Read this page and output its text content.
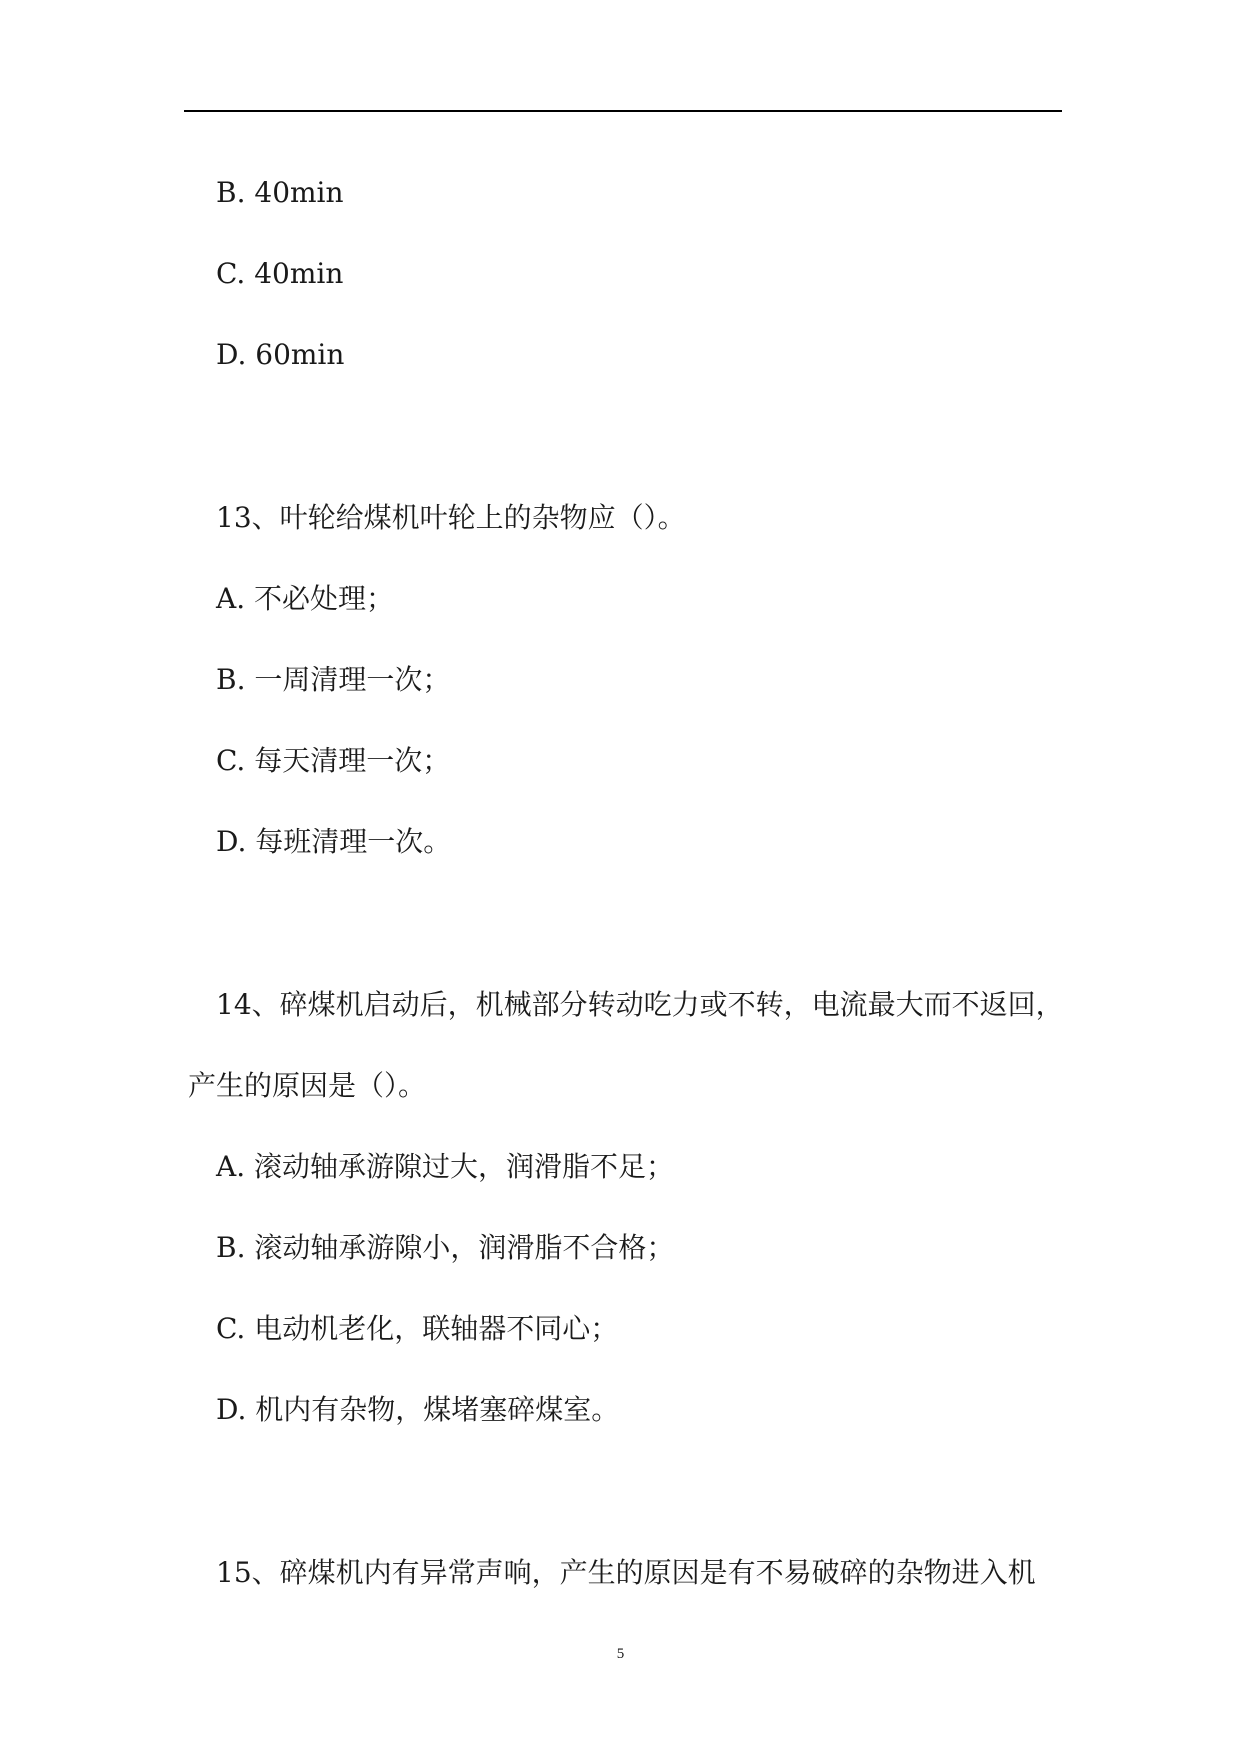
B. 40min
C. 40min
D. 60min
13、叶轮给煤机叶轮上的杂物应（）。
A. 不必处理；
B. 一周清理一次；
C. 每天清理一次；
D. 每班清理一次。
14、碎煤机启动后，机械部分转动吃力或不转，电流最大而不返回，
产生的原因是（）。
A. 滚动轴承游隙过大，润滑脂不足；
B. 滚动轴承游隙小，润滑脂不合格；
C. 电动机老化，联轴器不同心；
D. 机内有杂物，煤堵塞碎煤室。
15、碎煤机内有异常声响，产生的原因是有不易破碎的杂物进入机
5
